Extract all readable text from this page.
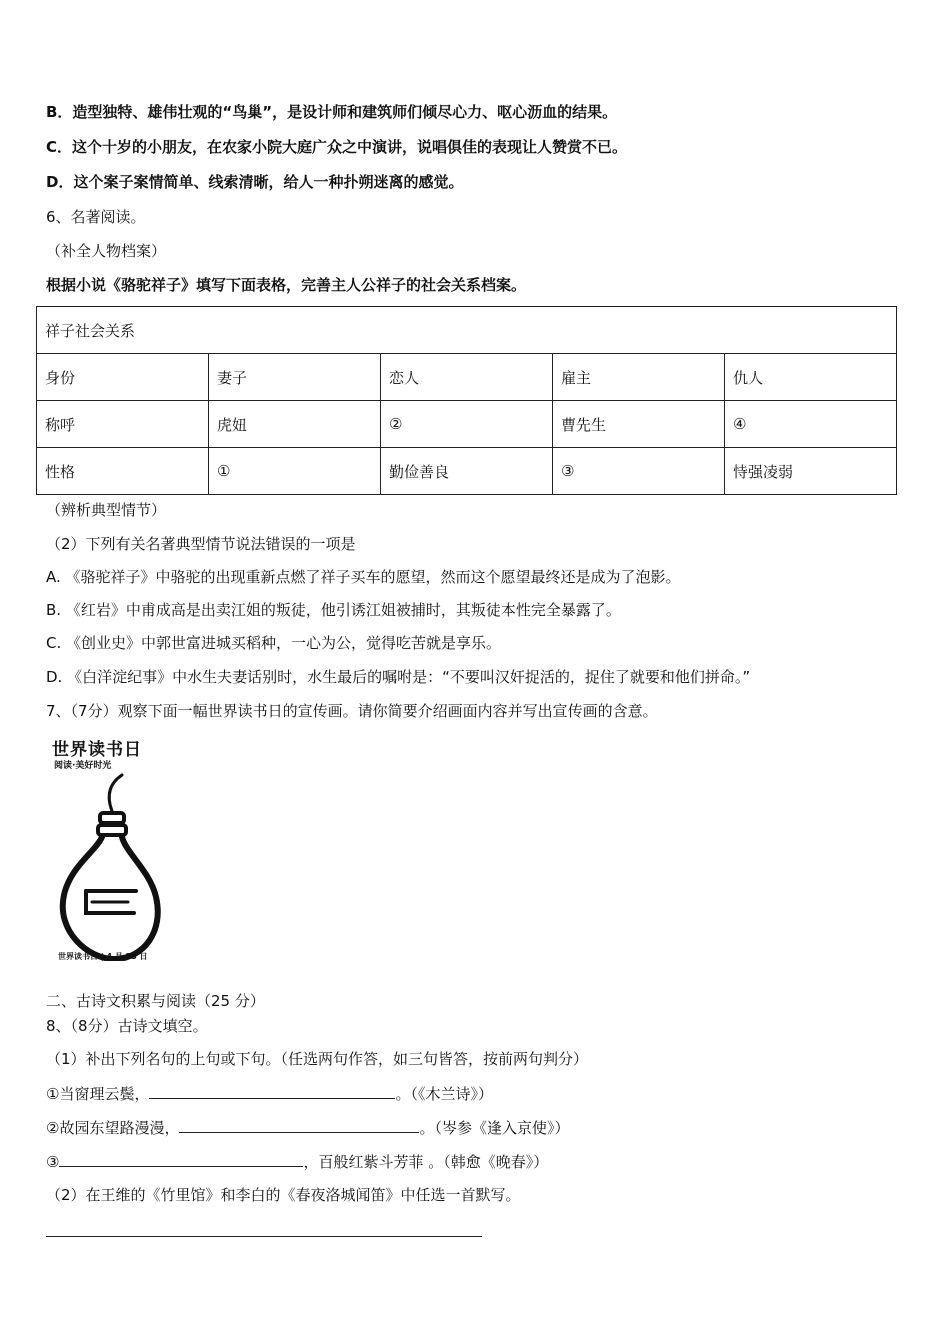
B．造型独特、雄伟壮观的“鸟巢”，是设计师和建筑师们倾尽心力、呕心沥血的结果。
C．这个十岁的小朋友，在农家小院大庭广众之中演讲，说唱俱佳的表现让人赞赏不已。
D．这个案子案情简单、线索清晰，给人一种扑朔迷离的感觉。
6、名著阅读。
（补全人物档案）
根据小说《骆驼祥子》填写下面表格，完善主人公祥子的社会关系档案。
祥子社会关系				
身份	妻子	恋人	雇主	仇人
称呼	虎妞	②	曹先生	④
性格	①	勤俭善良	③	恃强凌弱
（辨析典型情节）
（2）下列有关名著典型情节说法错误的一项是
A. 《骆驼祥子》中骆驼的出现重新点燃了祥子买车的愿望，然而这个愿望最终还是成为了泡影。
B. 《红岩》中甫成高是出卖江姐的叛徒，他引诱江姐被捕时，其叛徒本性完全暴露了。
C. 《创业史》中郭世富进城买稻种，一心为公，觉得吃苦就是享乐。
D. 《白洋淀纪事》中水生夫妻话别时，水生最后的嘱咐是：“不要叫汉奸捉活的，捉住了就要和他们拼命。”
7、（7分）观察下面一幅世界读书日的宣传画。请你简要介绍画面内容并写出宣传画的含意。
世界读书日
阅读·美好时光
世界读书日 | 4 月 23 日
二、古诗文积累与阅读（25 分）
8、（8分）古诗文填空。
（1）补出下列名句的上句或下句。（任选两句作答，如三句皆答，按前两句判分）
①当窗理云鬓，	。（《木兰诗》）
②故园东望路漫漫，	。（岑参《逢入京使》）
③	，百般红紫斗芳菲 。（韩愈《晚春》）
（2）在王维的《竹里馆》和李白的《春夜洛城闻笛》中任选一首默写。
